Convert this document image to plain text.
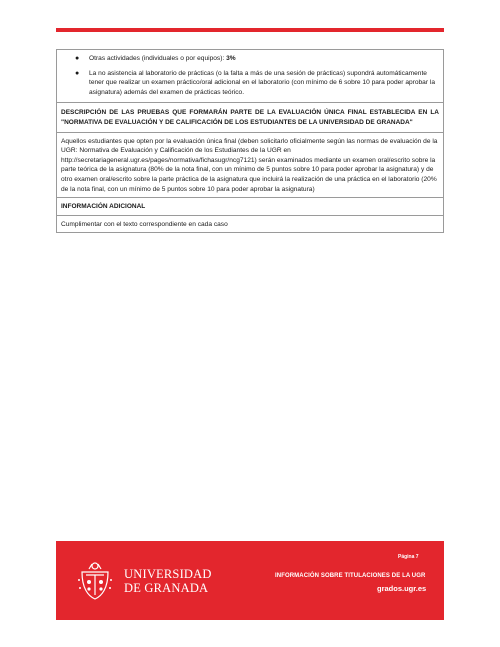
● Otras actividades (individuales o por equipos): 3%
● La no asistencia al laboratorio de prácticas (o la falta a más de una sesión de prácticas) supondrá automáticamente tener que realizar un examen práctico/oral adicional en el laboratorio (con mínimo de 6 sobre 10 para poder aprobar la asignatura) además del examen de prácticas teórico.
DESCRIPCIÓN DE LAS PRUEBAS QUE FORMARÁN PARTE DE LA EVALUACIÓN ÚNICA FINAL ESTABLECIDA EN LA "NORMATIVA DE EVALUACIÓN Y DE CALIFICACIÓN DE LOS ESTUDIANTES DE LA UNIVERSIDAD DE GRANADA"
Aquellos estudiantes que opten por la evaluación única final (deben solicitarlo oficialmente según las normas de evaluación de la UGR: Normativa de Evaluación y Calificación de los Estudiantes de la UGR en http://secretariageneral.ugr.es/pages/normativa/fichasugr/ncg7121) serán examinados mediante un examen oral/escrito sobre la parte teórica de la asignatura (80% de la nota final, con un mínimo de 5 puntos sobre 10 para poder aprobar la asignatura) y de otro examen oral/escrito sobre la parte práctica de la asignatura que incluirá la realización de una práctica en el laboratorio (20% de la nota final, con un mínimo de 5 puntos sobre 10 para poder aprobar la asignatura)
INFORMACIÓN ADICIONAL
Cumplimentar con el texto correspondiente en cada caso
UNIVERSIDAD
DE GRANADA
Página 7
INFORMACIÓN SOBRE TITULACIONES DE LA UGR
grados.ugr.es
